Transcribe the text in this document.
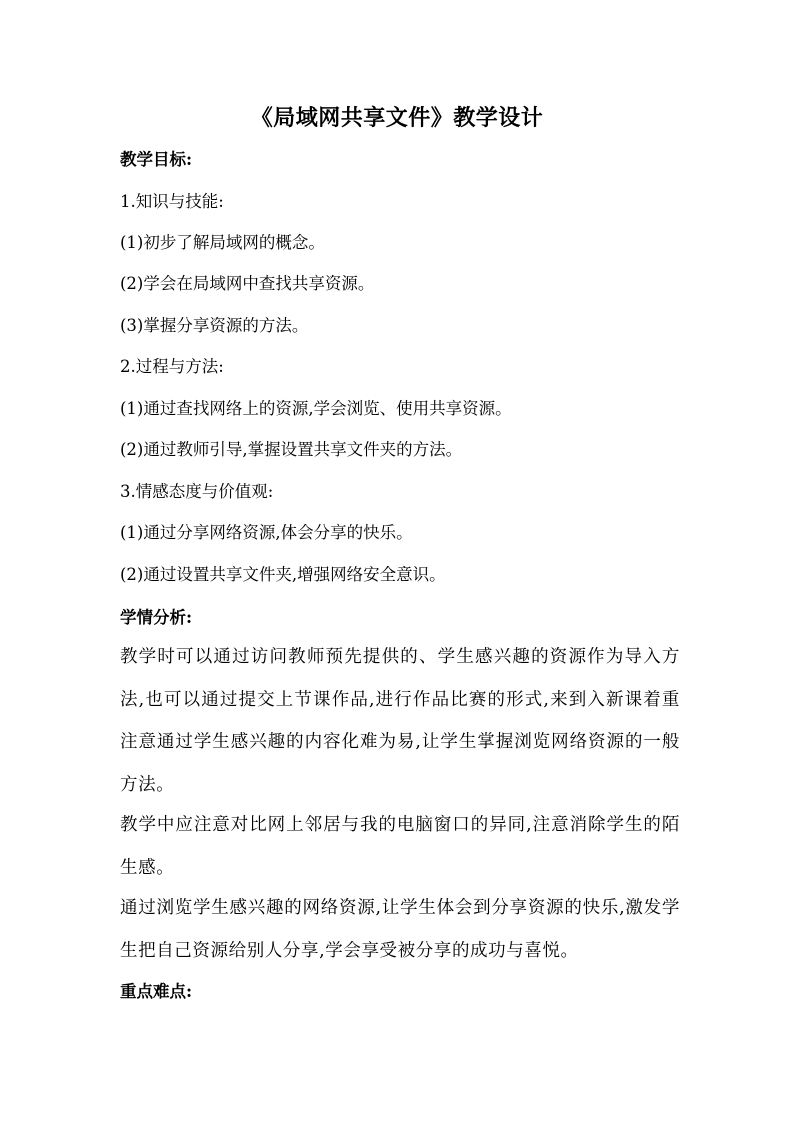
《局域网共享文件》教学设计
教学目标:
1.知识与技能:
(1)初步了解局域网的概念。
(2)学会在局域网中查找共享资源。
(3)掌握分享资源的方法。
2.过程与方法:
(1)通过查找网络上的资源,学会浏览、使用共享资源。
(2)通过教师引导,掌握设置共享文件夹的方法。
3.情感态度与价值观:
(1)通过分享网络资源,体会分享的快乐。
(2)通过设置共享文件夹,增强网络安全意识。
学情分析:
教学时可以通过访问教师预先提供的、学生感兴趣的资源作为导入方法,也可以通过提交上节课作品,进行作品比赛的形式,来到入新课着重注意通过学生感兴趣的内容化难为易,让学生掌握浏览网络资源的一般方法。
教学中应注意对比网上邻居与我的电脑窗口的异同,注意消除学生的陌生感。
通过浏览学生感兴趣的网络资源,让学生体会到分享资源的快乐,激发学生把自己资源给别人分享,学会享受被分享的成功与喜悦。
重点难点:
